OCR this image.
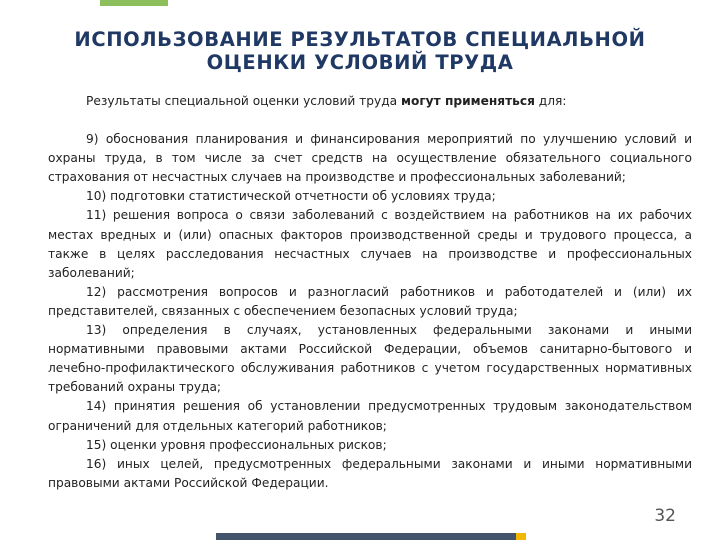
ИСПОЛЬЗОВАНИЕ РЕЗУЛЬТАТОВ СПЕЦИАЛЬНОЙ
ОЦЕНКИ УСЛОВИЙ ТРУДА

Результаты специальной оценки условий труда могут применяться для:

9) обоснования планирования и финансирования мероприятий по улучшению условий и охраны труда, в том числе за счет средств на осуществление обязательного социального страхования от несчастных случаев на производстве и профессиональных заболеваний;

10) подготовки статистической отчетности об условиях труда;

11) решения вопроса о связи заболеваний с воздействием на работников на их рабочих местах вредных и (или) опасных факторов производственной среды и трудового процесса, а также в целях расследования несчастных случаев на производстве и профессиональных заболеваний;

12) рассмотрения вопросов и разногласий работников и работодателей и (или) их представителей, связанных с обеспечением безопасных условий труда;

13) определения в случаях, установленных федеральными законами и иными нормативными правовыми актами Российской Федерации, объемов санитарно-бытового и лечебно-профилактического обслуживания работников с учетом государственных нормативных требований охраны труда;

14) принятия решения об установлении предусмотренных трудовым законодательством ограничений для отдельных категорий работников;

15) оценки уровня профессиональных рисков;

16) иных целей, предусмотренных федеральными законами и иными нормативными правовыми актами Российской Федерации.

32
